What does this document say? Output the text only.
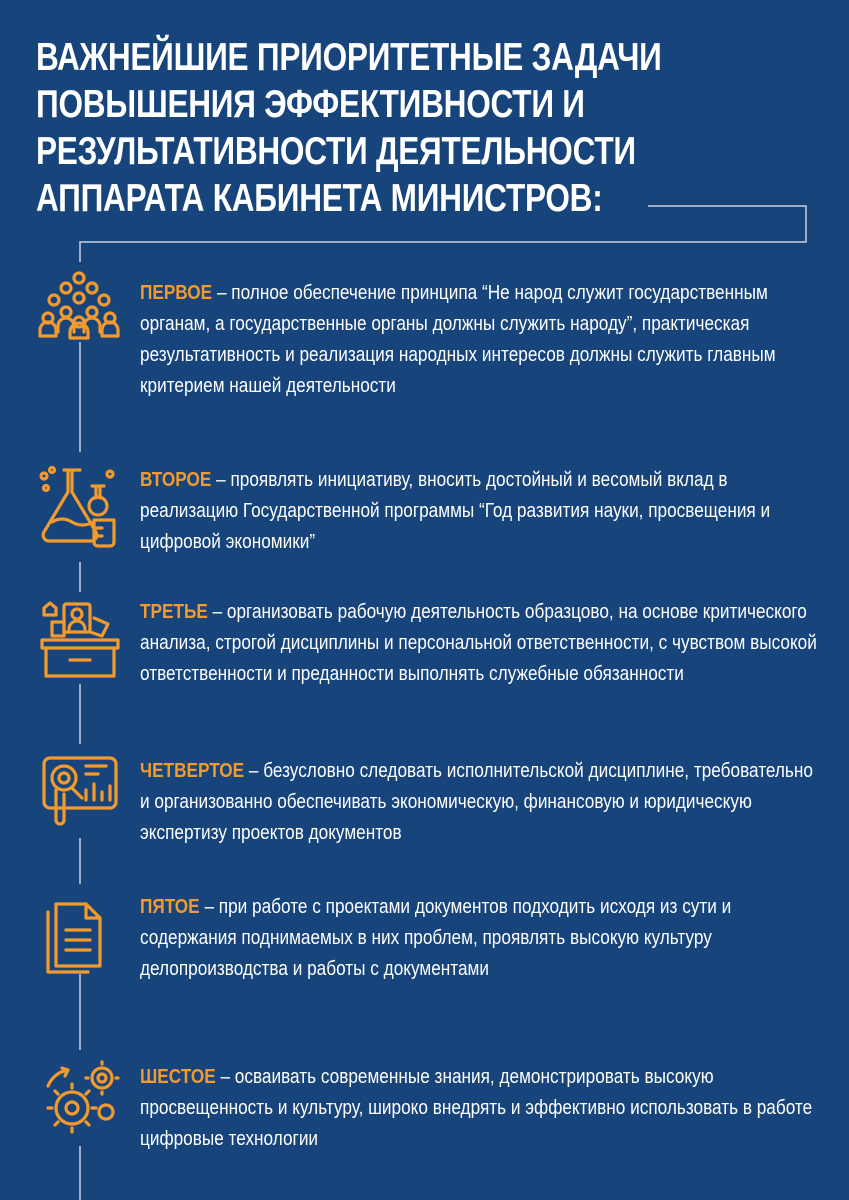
ВАЖНЕЙШИЕ ПРИОРИТЕТНЫЕ ЗАДАЧИ
ПОВЫШЕНИЯ ЭФФЕКТИВНОСТИ И
РЕЗУЛЬТАТИВНОСТИ ДЕЯТЕЛЬНОСТИ
АППАРАТА КАБИНЕТА МИНИСТРОВ:
ПЕРВОЕ – полное обеспечение принципа “Не народ служит государственным органам, а государственные органы должны служить народу”, практическая результативность и реализация народных интересов должны служить главным критерием нашей деятельности
ВТОРОЕ – проявлять инициативу, вносить достойный и весомый вклад в реализацию Государственной программы “Год развития науки, просвещения и цифровой экономики”
ТРЕТЬЕ – организовать рабочую деятельность образцово, на основе критического анализа, строгой дисциплины и персональной ответственности, с чувством высокой ответственности и преданности выполнять служебные обязанности
ЧЕТВЕРТОЕ – безусловно следовать исполнительской дисциплине, требовательно и организованно обеспечивать экономическую, финансовую и юридическую экспертизу проектов документов
ПЯТОЕ – при работе с проектами документов подходить исходя из сути и содержания поднимаемых в них проблем, проявлять высокую культуру делопроизводства и работы с документами
ШЕСТОЕ – осваивать современные знания, демонстрировать высокую просвещенность и культуру, широко внедрять и эффективно использовать в работе цифровые технологии
